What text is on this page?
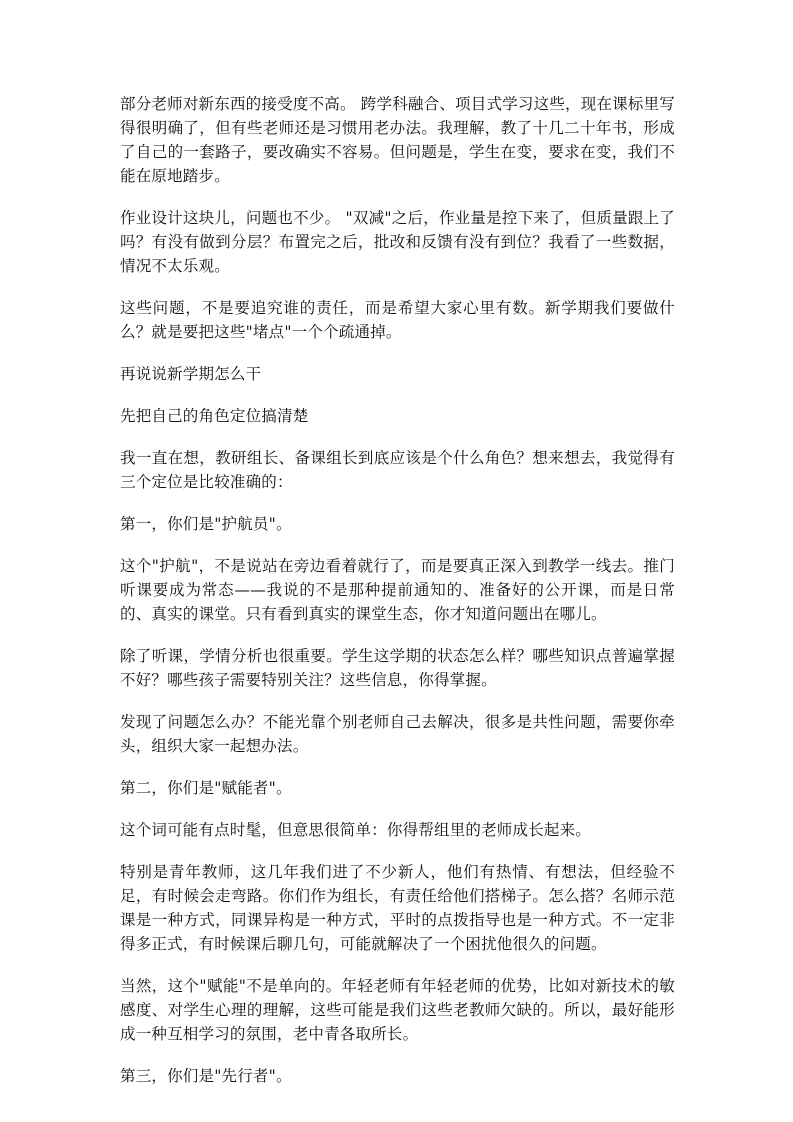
部分老师对新东西的接受度不高。 跨学科融合、项目式学习这些，现在课标里写得很明确了，但有些老师还是习惯用老办法。我理解，教了十几二十年书，形成了自己的一套路子，要改确实不容易。但问题是，学生在变，要求在变，我们不能在原地踏步。

作业设计这块儿，问题也不少。 "双减"之后，作业量是控下来了，但质量跟上了吗？有没有做到分层？布置完之后，批改和反馈有没有到位？我看了一些数据，情况不太乐观。

这些问题，不是要追究谁的责任，而是希望大家心里有数。新学期我们要做什么？就是要把这些"堵点"一个个疏通掉。

再说说新学期怎么干

先把自己的角色定位搞清楚

我一直在想，教研组长、备课组长到底应该是个什么角色？想来想去，我觉得有三个定位是比较准确的：

第一，你们是"护航员"。

这个"护航"，不是说站在旁边看着就行了，而是要真正深入到教学一线去。推门听课要成为常态——我说的不是那种提前通知的、准备好的公开课，而是日常的、真实的课堂。只有看到真实的课堂生态，你才知道问题出在哪儿。

除了听课，学情分析也很重要。学生这学期的状态怎么样？哪些知识点普遍掌握不好？哪些孩子需要特别关注？这些信息，你得掌握。

发现了问题怎么办？不能光靠个别老师自己去解决，很多是共性问题，需要你牵头，组织大家一起想办法。

第二，你们是"赋能者"。

这个词可能有点时髦，但意思很简单：你得帮组里的老师成长起来。

特别是青年教师，这几年我们进了不少新人，他们有热情、有想法，但经验不足，有时候会走弯路。你们作为组长，有责任给他们搭梯子。怎么搭？名师示范课是一种方式，同课异构是一种方式，平时的点拨指导也是一种方式。不一定非得多正式，有时候课后聊几句，可能就解决了一个困扰他很久的问题。

当然，这个"赋能"不是单向的。年轻老师有年轻老师的优势，比如对新技术的敏感度、对学生心理的理解，这些可能是我们这些老教师欠缺的。所以，最好能形成一种互相学习的氛围，老中青各取所长。

第三，你们是"先行者"。
